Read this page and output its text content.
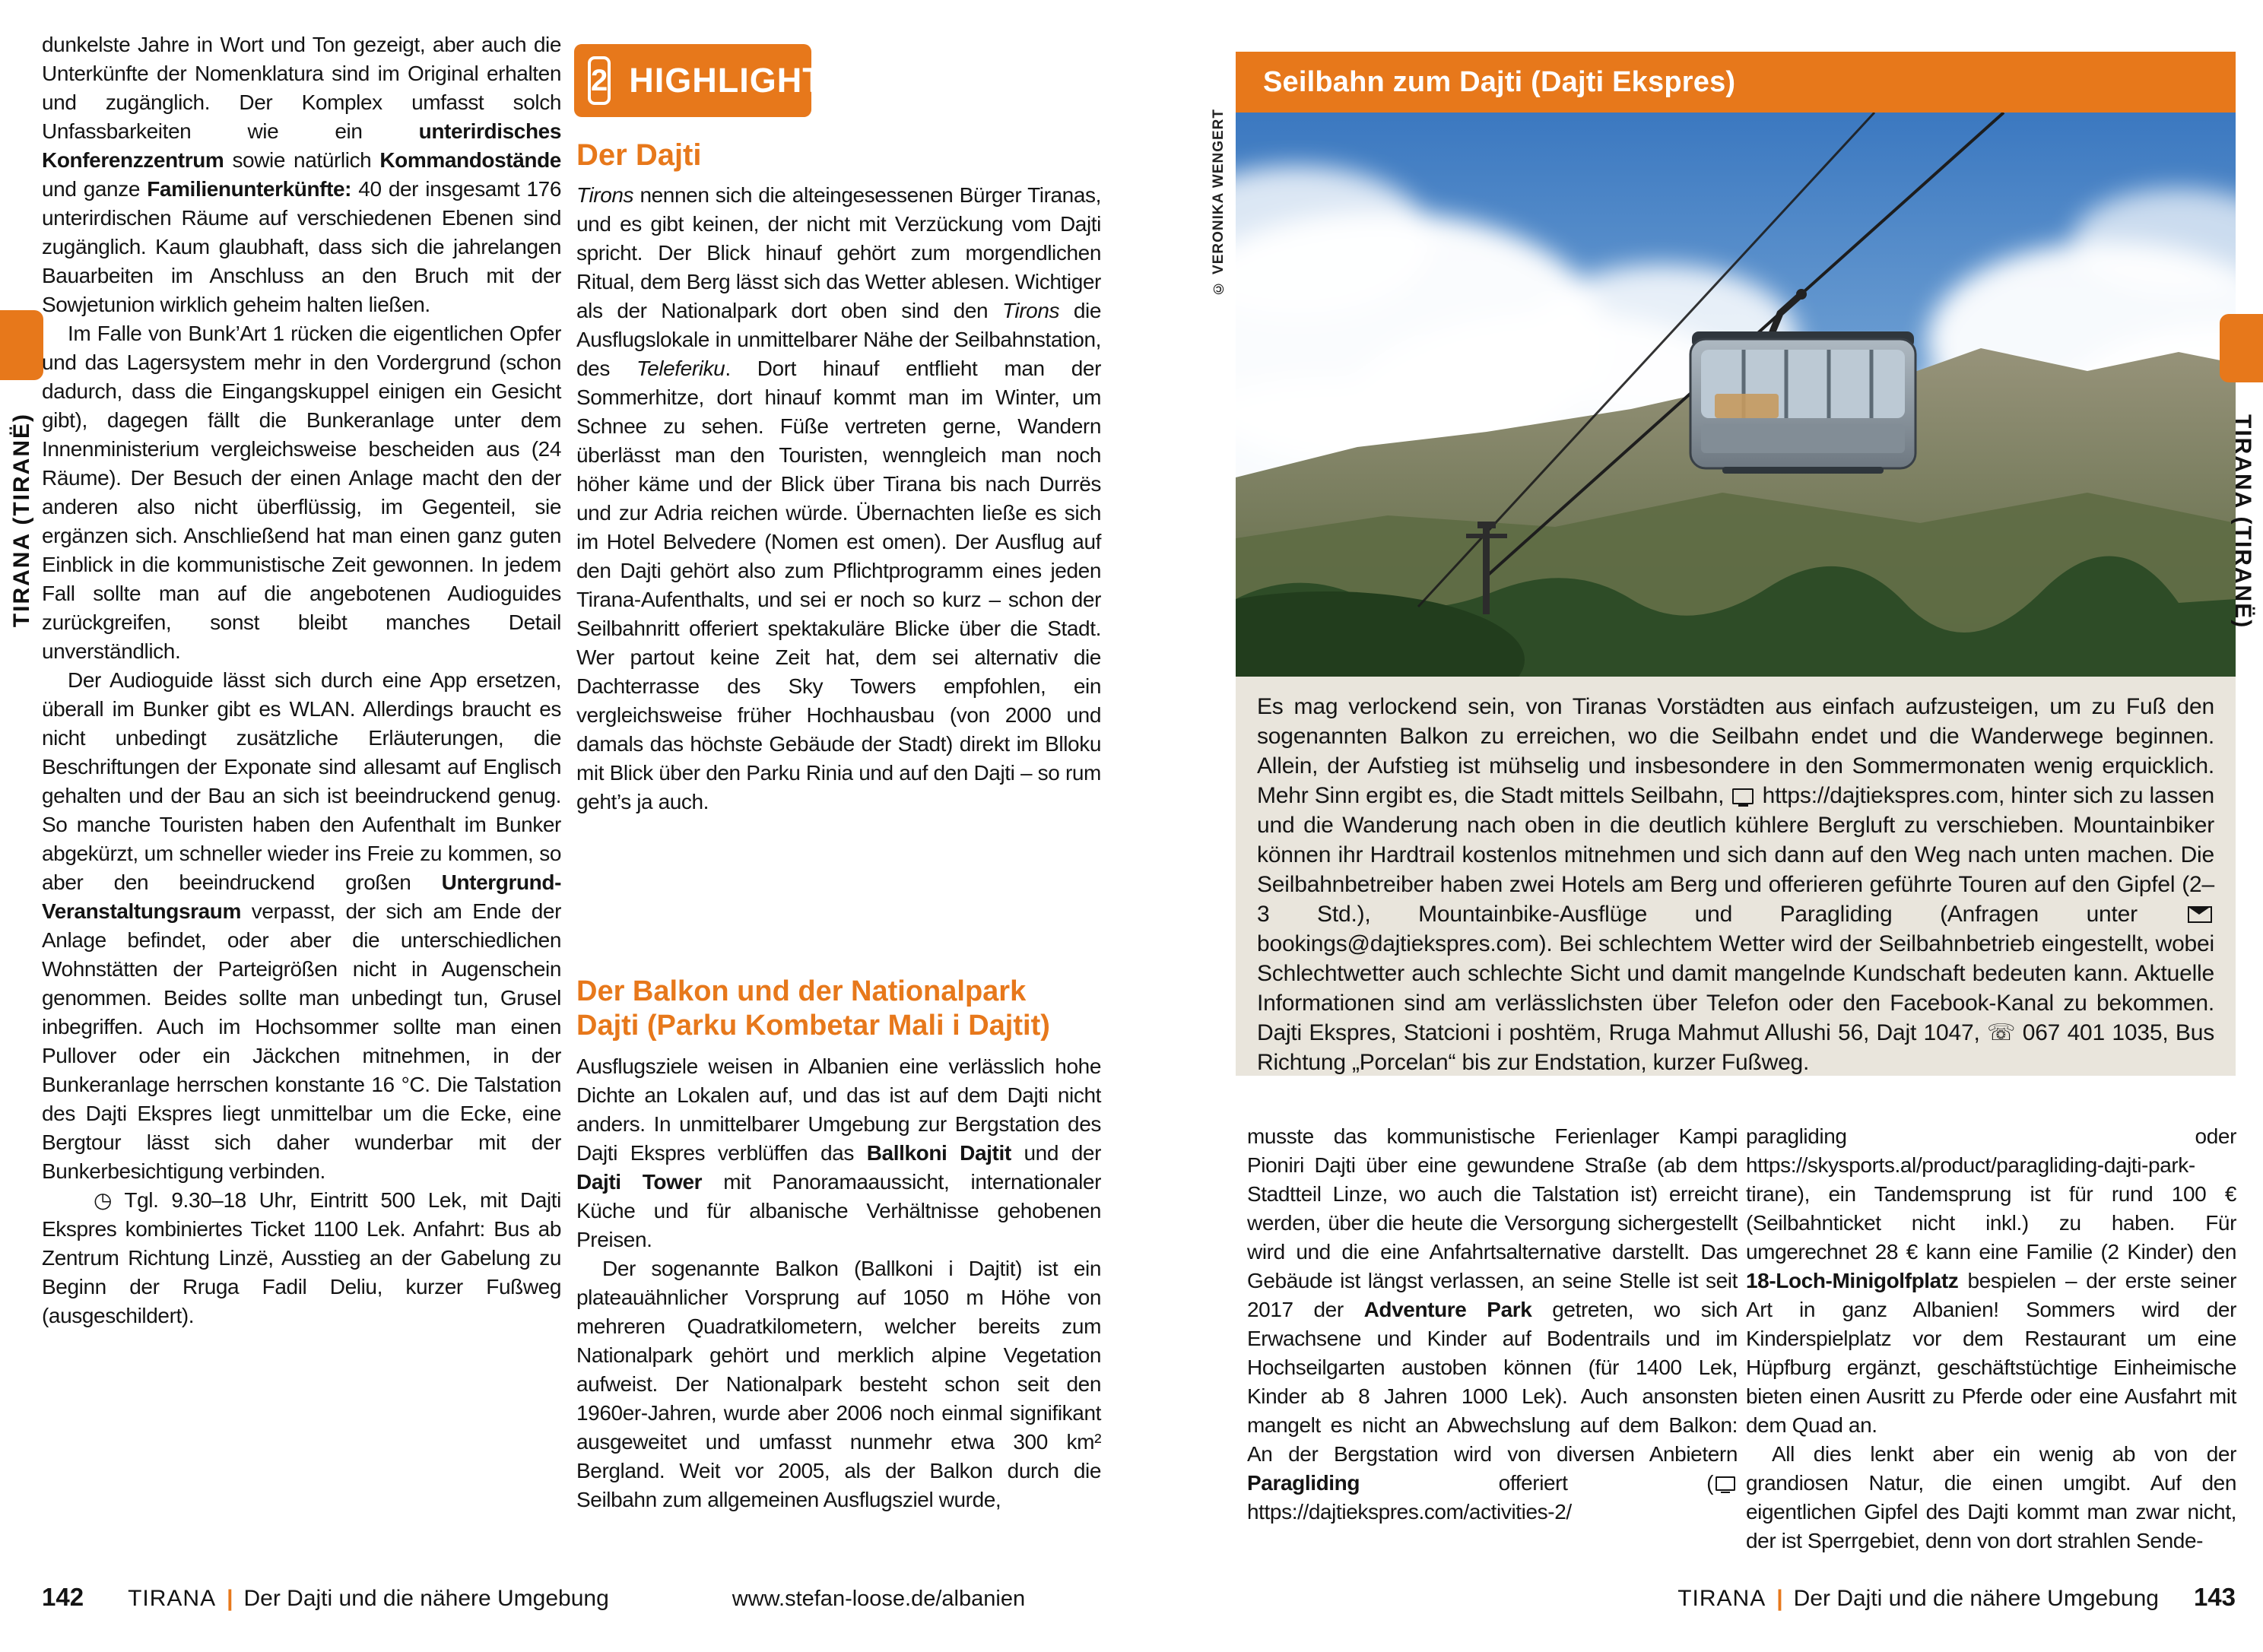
TIRANA (TIRANË)

dunkelste Jahre in Wort und Ton gezeigt, aber auch die Unterkünfte der Nomenklatura sind im Original erhalten und zugänglich. Der Komplex umfasst solch Unfassbarkeiten wie ein unterirdisches Konferenzzentrum sowie natürlich Kommandostände und ganze Familienunterkünfte: 40 der insgesamt 176 unterirdischen Räume auf verschiedenen Ebenen sind zugänglich. Kaum glaubhaft, dass sich die jahrelangen Bauarbeiten im Anschluss an den Bruch mit der Sowjetunion wirklich geheim halten ließen.

Im Falle von Bunk’Art 1 rücken die eigentlichen Opfer und das Lagersystem mehr in den Vordergrund (schon dadurch, dass die Eingangskuppel einigen ein Gesicht gibt), dagegen fällt die Bunkeranlage unter dem Innenministerium vergleichsweise bescheiden aus (24 Räume). Der Besuch der einen Anlage macht den der anderen also nicht überflüssig, im Gegenteil, sie ergänzen sich. Anschließend hat man einen ganz guten Einblick in die kommunistische Zeit gewonnen. In jedem Fall sollte man auf die angebotenen Audioguides zurückgreifen, sonst bleibt manches Detail unverständlich.

Der Audioguide lässt sich durch eine App ersetzen, überall im Bunker gibt es WLAN. Allerdings braucht es nicht unbedingt zusätzliche Erläuterungen, die Beschriftungen der Exponate sind allesamt auf Englisch gehalten und der Bau an sich ist beeindruckend genug. So manche Touristen haben den Aufenthalt im Bunker abgekürzt, um schneller wieder ins Freie zu kommen, so aber den beeindruckend großen Untergrund-Veranstaltungsraum verpasst, der sich am Ende der Anlage befindet, oder aber die unterschiedlichen Wohnstätten der Parteigrößen nicht in Augenschein genommen. Beides sollte man unbedingt tun, Grusel inbegriffen. Auch im Hochsommer sollte man einen Pullover oder ein Jäckchen mitnehmen, in der Bunkeranlage herrschen konstante 16 °C. Die Talstation des Dajti Ekspres liegt unmittelbar um die Ecke, eine Bergtour lässt sich daher wunderbar mit der Bunkerbesichtigung verbinden.

◷ Tgl. 9.30–18 Uhr, Eintritt 500 Lek, mit Dajti Ekspres kombiniertes Ticket 1100 Lek. Anfahrt: Bus ab Zentrum Richtung Linzë, Ausstieg an der Gabelung zu Beginn der Rruga Fadil Deliu, kurzer Fußweg (ausgeschildert).

2 HIGHLIGHT
Der Dajti

Tirons nennen sich die alteingesessenen Bürger Tiranas, und es gibt keinen, der nicht mit Verzückung vom Dajti spricht. Der Blick hinauf gehört zum morgendlichen Ritual, dem Berg lässt sich das Wetter ablesen. Wichtiger als der Nationalpark dort oben sind den Tirons die Ausflugslokale in unmittelbarer Nähe der Seilbahnstation, des Teleferiku. Dort hinauf entflieht man der Sommerhitze, dort hinauf kommt man im Winter, um Schnee zu sehen. Füße vertreten gerne, Wandern überlässt man den Touristen, wenngleich man noch höher käme und der Blick über Tirana bis nach Durrës und zur Adria reichen würde. Übernachten ließe es sich im Hotel Belvedere (Nomen est omen). Der Ausflug auf den Dajti gehört also zum Pflichtprogramm eines jeden Tirana-Aufenthalts, und sei er noch so kurz – schon der Seilbahnritt offeriert spektakuläre Blicke über die Stadt. Wer partout keine Zeit hat, dem sei alternativ die Dachterrasse des Sky Towers empfohlen, ein vergleichsweise früher Hochhausbau (von 2000 und damals das höchste Gebäude der Stadt) direkt im Blloku mit Blick über den Parku Rinia und auf den Dajti – so rum geht’s ja auch.

Der Balkon und der Nationalpark
Dajti (Parku Kombetar Mali i Dajtit)

Ausflugsziele weisen in Albanien eine verlässlich hohe Dichte an Lokalen auf, und das ist auf dem Dajti nicht anders. In unmittelbarer Umgebung zur Bergstation des Dajti Ekspres verblüffen das Ballkoni Dajtit und der Dajti Tower mit Panoramaaussicht, internationaler Küche und für albanische Verhältnisse gehobenen Preisen.

Der sogenannte Balkon (Ballkoni i Dajtit) ist ein plateauähnlicher Vorsprung auf 1050 m Höhe von mehreren Quadratkilometern, welcher bereits zum Nationalpark gehört und merklich alpine Vegetation aufweist. Der Nationalpark besteht schon seit den 1960er-Jahren, wurde aber 2006 noch einmal signifikant ausgeweitet und umfasst nunmehr etwa 300 km² Bergland. Weit vor 2005, als der Balkon durch die Seilbahn zum allgemeinen Ausflugsziel wurde,

142 TIRANA | Der Dajti und die nähere Umgebung	www.stefan-loose.de/albanien
Seilbahn zum Dajti (Dajti Ekspres)
© VERONIKA WENGERT

Es mag verlockend sein, von Tiranas Vorstädten aus einfach aufzusteigen, um zu Fuß den sogenannten Balkon zu erreichen, wo die Seilbahn endet und die Wanderwege beginnen. Allein, der Aufstieg ist mühselig und insbesondere in den Sommermonaten wenig erquicklich. Mehr Sinn ergibt es, die Stadt mittels Seilbahn,  https://dajtiekspres.com, hinter sich zu lassen und die Wanderung nach oben in die deutlich kühlere Bergluft zu verschieben. Mountainbiker können ihr Hardtrail kostenlos mitnehmen und sich dann auf den Weg nach unten machen. Die Seilbahnbetreiber haben zwei Hotels am Berg und offerieren geführte Touren auf den Gipfel (2–3 Std.), Mountainbike-Ausflüge und Paragliding (Anfragen unter  bookings@dajtiekspres.com). Bei schlechtem Wetter wird der Seilbahnbetrieb eingestellt, wobei Schlechtwetter auch schlechte Sicht und damit mangelnde Kundschaft bedeuten kann. Aktuelle Informationen sind am verlässlichsten über Telefon oder den Facebook-Kanal zu bekommen. Dajti Ekspres, Statcioni i poshtëm, Rruga Mahmut Allushi 56, Dajt 1047, ☏ 067 401 1035, Bus Richtung „Porcelan“ bis zur Endstation, kurzer Fußweg.

musste das kommunistische Ferienlager Kampi Pioniri Dajti über eine gewundene Straße (ab dem Stadtteil Linze, wo auch die Talstation ist) erreicht werden, über die heute die Versorgung sichergestellt wird und die eine Anfahrtsalternative darstellt. Das Gebäude ist längst verlassen, an seine Stelle ist seit 2017 der Adventure Park getreten, wo sich Erwachsene und Kinder auf Bodentrails und im Hochseilgarten austoben können (für 1400 Lek, Kinder ab 8 Jahren 1000 Lek). Auch ansonsten mangelt es nicht an Abwechslung auf dem Balkon: An der Bergstation wird von diversen Anbietern Paragliding offeriert ( https://dajtiekspres.com/activities-2/

paragliding oder https://skysports.al/product/paragliding-dajti-park-tirane), ein Tandemsprung ist für rund 100 € (Seilbahnticket nicht inkl.) zu haben. Für umgerechnet 28 € kann eine Familie (2 Kinder) den 18-Loch-Minigolfplatz bespielen – der erste seiner Art in ganz Albanien! Sommers wird der Kinderspielplatz vor dem Restaurant um eine Hüpfburg ergänzt, geschäftstüchtige Einheimische bieten einen Ausritt zu Pferde oder eine Ausfahrt mit dem Quad an.

All dies lenkt aber ein wenig ab von der grandiosen Natur, die einen umgibt. Auf den eigentlichen Gipfel des Dajti kommt man zwar nicht, der ist Sperrgebiet, denn von dort strahlen Sende-

TIRANA | Der Dajti und die nähere Umgebung 143
TIRANA (TIRANË)
